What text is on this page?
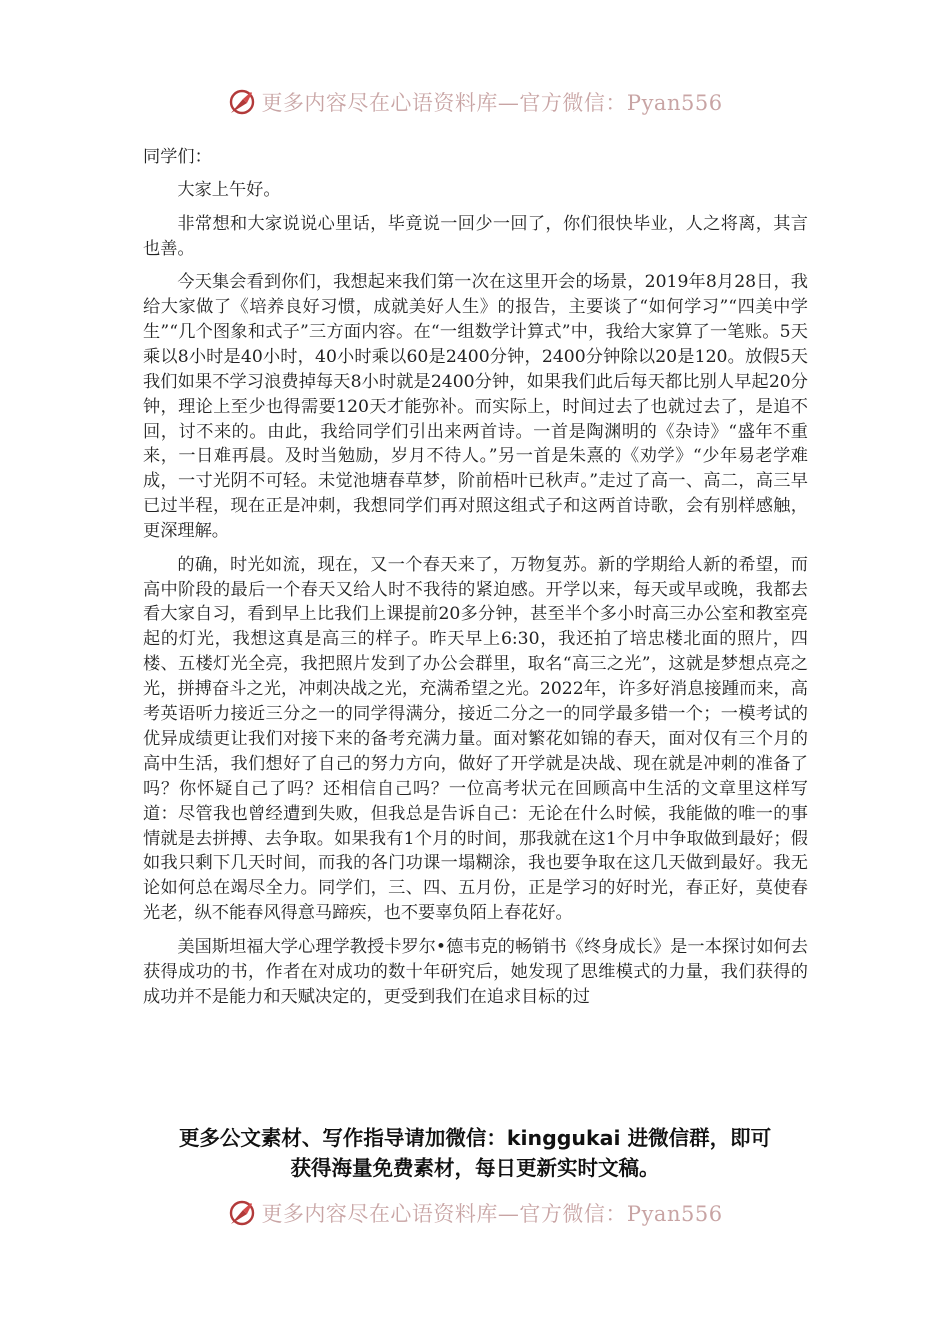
更多内容尽在心语资料库—官方微信：Pyan556

同学们：

大家上午好。

非常想和大家说说心里话，毕竟说一回少一回了，你们很快毕业，人之将离，其言也善。

今天集会看到你们，我想起来我们第一次在这里开会的场景，2019年8月28日，我给大家做了《培养良好习惯，成就美好人生》的报告，主要谈了“如何学习”“四美中学生”“几个图象和式子”三方面内容。在“一组数学计算式”中，我给大家算了一笔账。5天乘以8小时是40小时，40小时乘以60是2400分钟，2400分钟除以20是120。放假5天我们如果不学习浪费掉每天8小时就是2400分钟，如果我们此后每天都比别人早起20分钟，理论上至少也得需要120天才能弥补。而实际上，时间过去了也就过去了，是追不回，讨不来的。由此，我给同学们引出来两首诗。一首是陶渊明的《杂诗》“盛年不重来，一日难再晨。及时当勉励，岁月不待人。”另一首是朱熹的《劝学》“少年易老学难成，一寸光阴不可轻。未觉池塘春草梦，阶前梧叶已秋声。”走过了高一、高二，高三早已过半程，现在正是冲刺，我想同学们再对照这组式子和这两首诗歌，会有别样感触，更深理解。

的确，时光如流，现在，又一个春天来了，万物复苏。新的学期给人新的希望，而高中阶段的最后一个春天又给人时不我待的紧迫感。开学以来，每天或早或晚，我都去看大家自习，看到早上比我们上课提前20多分钟，甚至半个多小时高三办公室和教室亮起的灯光，我想这真是高三的样子。昨天早上6:30，我还拍了培忠楼北面的照片，四楼、五楼灯光全亮，我把照片发到了办公会群里，取名“高三之光”，这就是梦想点亮之光，拼搏奋斗之光，冲刺决战之光，充满希望之光。2022年，许多好消息接踵而来，高考英语听力接近三分之一的同学得满分，接近二分之一的同学最多错一个；一模考试的优异成绩更让我们对接下来的备考充满力量。面对繁花如锦的春天，面对仅有三个月的高中生活，我们想好了自己的努力方向，做好了开学就是决战、现在就是冲刺的准备了吗？你怀疑自己了吗？还相信自己吗？一位高考状元在回顾高中生活的文章里这样写道：尽管我也曾经遭到失败，但我总是告诉自己：无论在什么时候，我能做的唯一的事情就是去拼搏、去争取。如果我有1个月的时间，那我就在这1个月中争取做到最好；假如我只剩下几天时间，而我的各门功课一塌糊涂，我也要争取在这几天做到最好。我无论如何总在竭尽全力。同学们，三、四、五月份，正是学习的好时光，春正好，莫使春光老，纵不能春风得意马蹄疾，也不要辜负陌上春花好。

美国斯坦福大学心理学教授卡罗尔•德韦克的畅销书《终身成长》是一本探讨如何去获得成功的书，作者在对成功的数十年研究后，她发现了思维模式的力量，我们获得的成功并不是能力和天赋决定的，更受到我们在追求目标的过

更多公文素材、写作指导请加微信：kinggukai 进微信群，即可
获得海量免费素材，每日更新实时文稿。
更多内容尽在心语资料库—官方微信：Pyan556
